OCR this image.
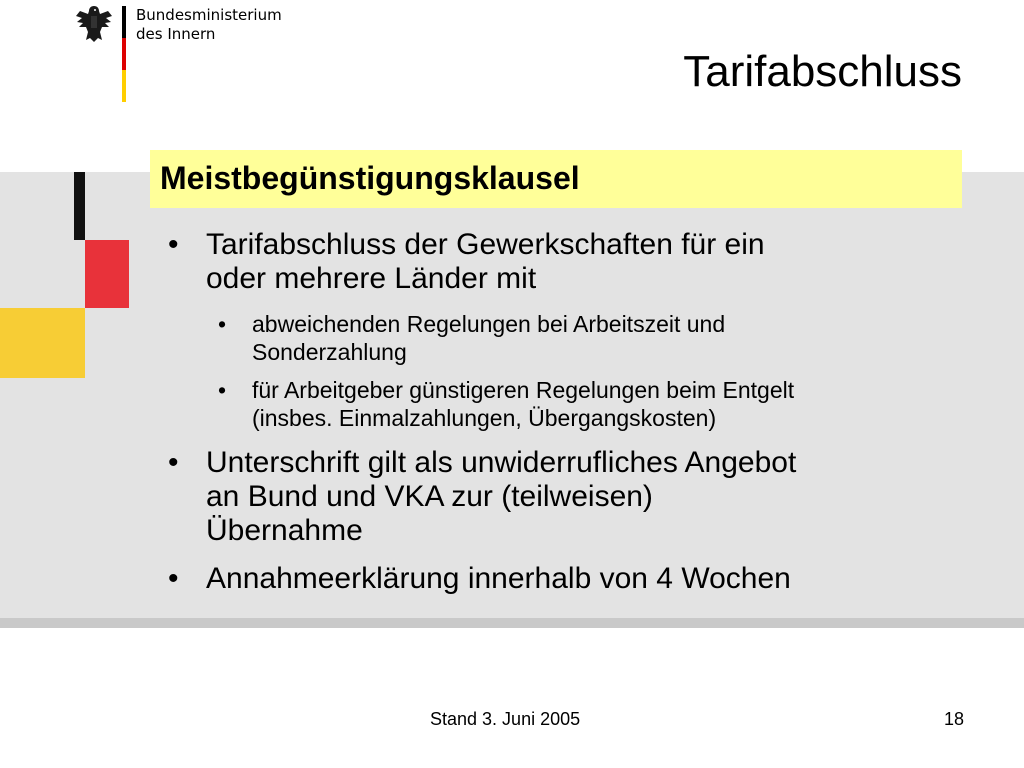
Bundesministerium
des Innern
Tarifabschluss
Meistbegünstigungsklausel
• Tarifabschluss der Gewerkschaften für ein
oder mehrere Länder mit
• abweichenden Regelungen bei Arbeitszeit und
Sonderzahlung
• für Arbeitgeber günstigeren Regelungen beim Entgelt
(insbes. Einmalzahlungen, Übergangskosten)
• Unterschrift gilt als unwiderrufliches Angebot
an Bund und VKA zur (teilweisen)
Übernahme
• Annahmeerklärung innerhalb von 4 Wochen
Stand 3. Juni 2005	18
